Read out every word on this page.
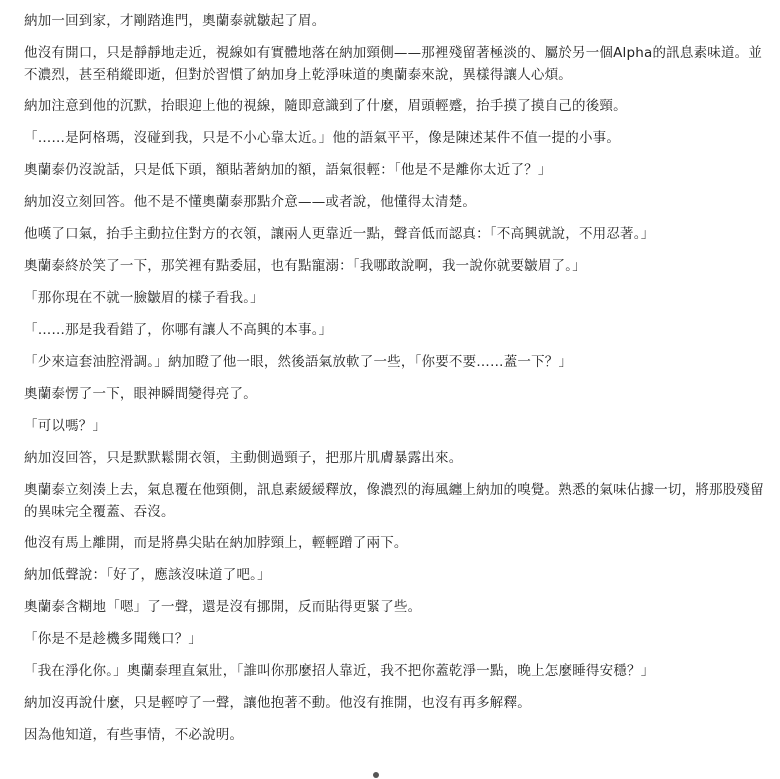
納加一回到家，才剛踏進門，奧蘭泰就皺起了眉。

他沒有開口，只是靜靜地走近，視線如有實體地落在納加頸側——那裡殘留著極淡的、屬於另一個Alpha的訊息素味道。並不濃烈，甚至稍縱即逝，但對於習慣了納加身上乾淨味道的奧蘭泰來說，異樣得讓人心煩。

納加注意到他的沉默，抬眼迎上他的視線，隨即意識到了什麼，眉頭輕蹙，抬手摸了摸自己的後頸。

「……是阿格瑪，沒碰到我，只是不小心靠太近。」他的語氣平平，像是陳述某件不值一提的小事。

奧蘭泰仍沒說話，只是低下頭，額貼著納加的額，語氣很輕：「他是不是離你太近了？」

納加沒立刻回答。他不是不懂奧蘭泰那點介意——或者說，他懂得太清楚。

他嘆了口氣，抬手主動拉住對方的衣領，讓兩人更靠近一點，聲音低而認真：「不高興就說，不用忍著。」

奧蘭泰終於笑了一下，那笑裡有點委屈，也有點寵溺：「我哪敢說啊，我一說你就要皺眉了。」

「那你現在不就一臉皺眉的樣子看我。」

「……那是我看錯了，你哪有讓人不高興的本事。」

「少來這套油腔滑調。」納加瞪了他一眼，然後語氣放軟了一些，「你要不要……蓋一下？」

奧蘭泰愣了一下，眼神瞬間變得亮了。

「可以嗎？」

納加沒回答，只是默默鬆開衣領，主動側過頸子，把那片肌膚暴露出來。

奧蘭泰立刻湊上去，氣息覆在他頸側，訊息素緩緩釋放，像濃烈的海風纏上納加的嗅覺。熟悉的氣味佔據一切，將那股殘留的異味完全覆蓋、吞沒。

他沒有馬上離開，而是將鼻尖貼在納加脖頸上，輕輕蹭了兩下。

納加低聲說：「好了，應該沒味道了吧。」

奧蘭泰含糊地「嗯」了一聲，還是沒有挪開，反而貼得更緊了些。

「你是不是趁機多聞幾口？」

「我在淨化你。」奧蘭泰理直氣壯，「誰叫你那麼招人靠近，我不把你蓋乾淨一點，晚上怎麼睡得安穩？」

納加沒再說什麼，只是輕哼了一聲，讓他抱著不動。他沒有推開，也沒有再多解釋。

因為他知道，有些事情，不必說明。
